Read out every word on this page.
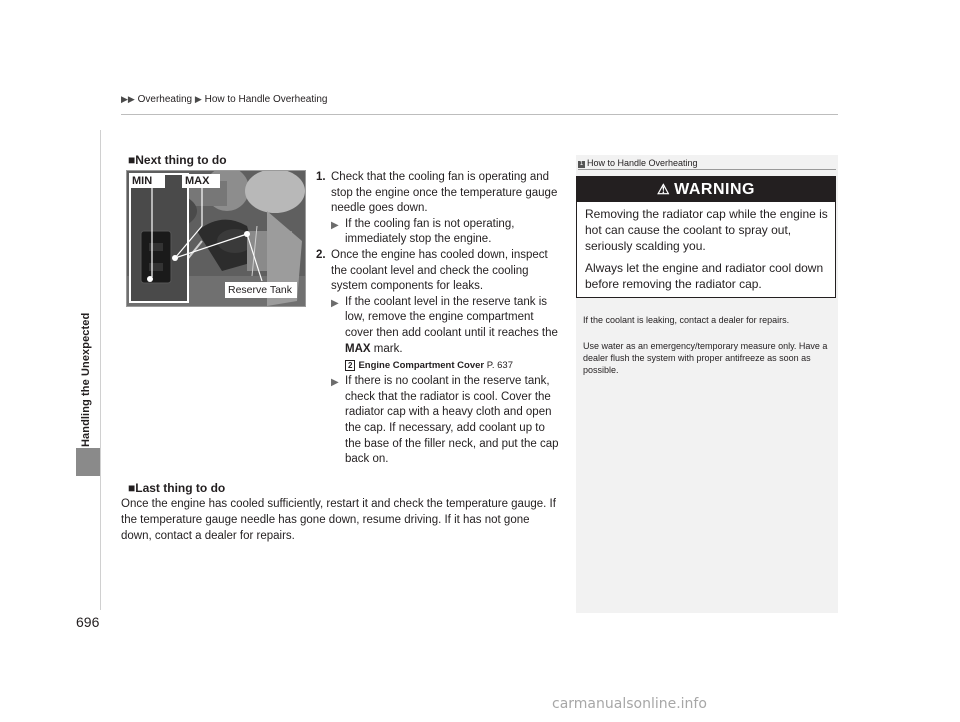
▶▶ Overheating ▶ How to Handle Overheating
Handling the Unexpected
696
■Next thing to do
MIN	MAX
Reserve Tank
1. Check that the cooling fan is operating and stop the engine once the temperature gauge needle goes down.
▶ If the cooling fan is not operating, immediately stop the engine.
2. Once the engine has cooled down, inspect the coolant level and check the cooling system components for leaks.
▶ If the coolant level in the reserve tank is low, remove the engine compartment cover then add coolant until it reaches the MAX mark.
2 Engine Compartment Cover P. 637
▶ If there is no coolant in the reserve tank, check that the radiator is cool. Cover the radiator cap with a heavy cloth and open the cap. If necessary, add coolant up to the base of the filler neck, and put the cap back on.
■Last thing to do
Once the engine has cooled sufficiently, restart it and check the temperature gauge. If the temperature gauge needle has gone down, resume driving. If it has not gone down, contact a dealer for repairs.
1 How to Handle Overheating
⚠ WARNING
Removing the radiator cap while the engine is hot can cause the coolant to spray out, seriously scalding you.
Always let the engine and radiator cool down before removing the radiator cap.
If the coolant is leaking, contact a dealer for repairs.
Use water as an emergency/temporary measure only. Have a dealer flush the system with proper antifreeze as soon as possible.
carmanualsonline.info
